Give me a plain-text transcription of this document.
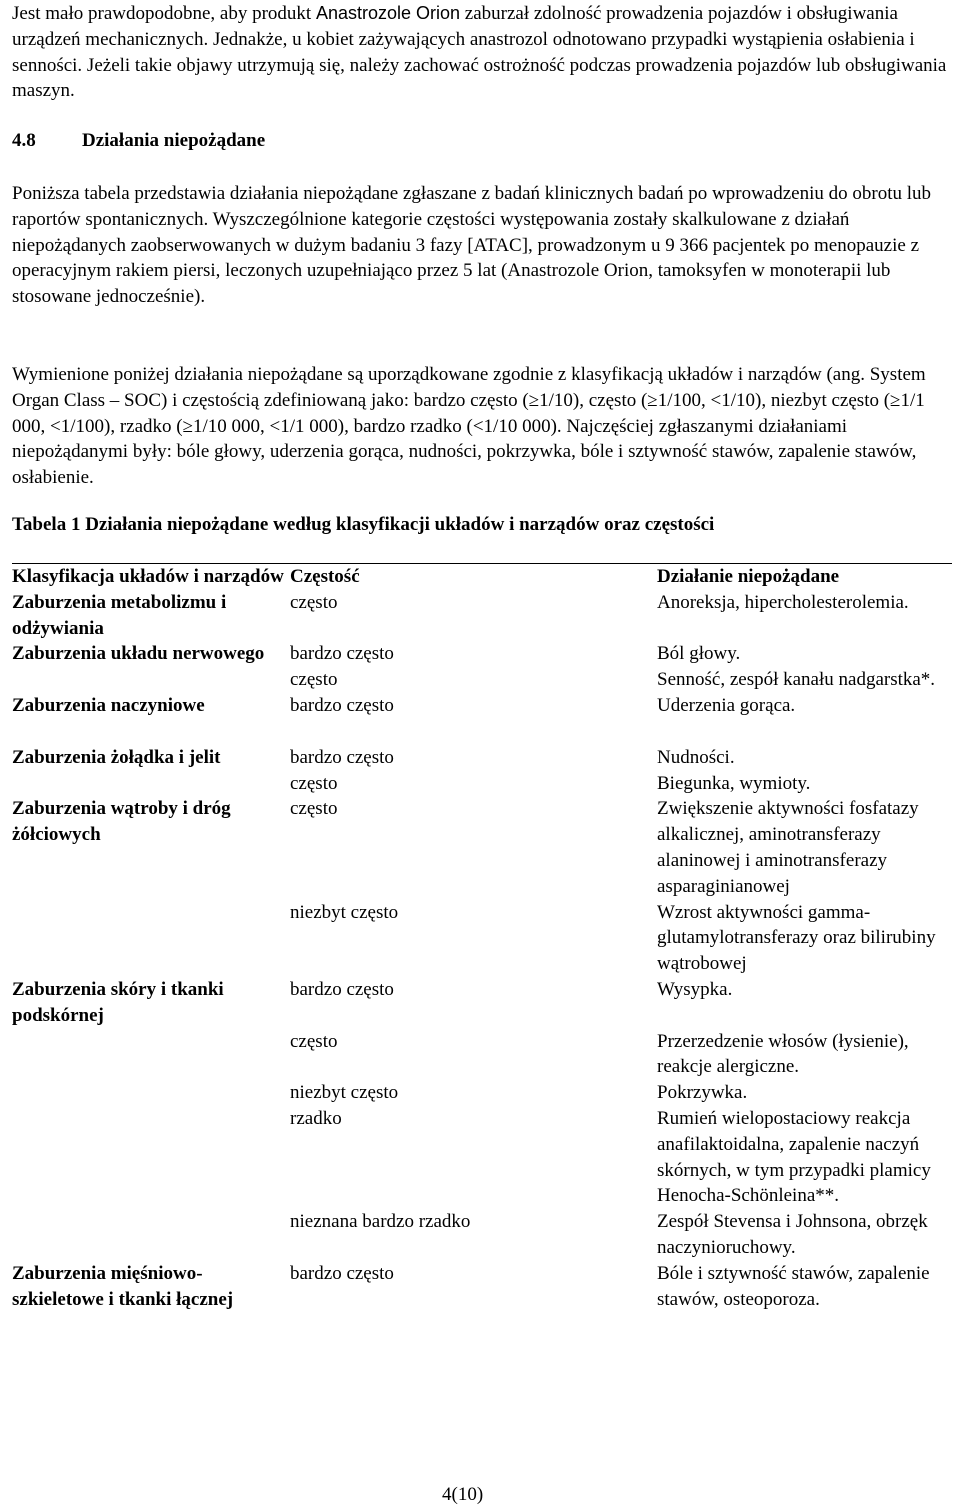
Jest mało prawdopodobne, aby produkt Anastrozole Orion zaburzał zdolność prowadzenia pojazdów i obsługiwania urządzeń mechanicznych. Jednakże, u kobiet zażywających anastrozol odnotowano przypadki wystąpienia osłabienia i senności. Jeżeli takie objawy utrzymują się, należy zachować ostrożność podczas prowadzenia pojazdów lub obsługiwania maszyn.

4.8 Działania niepożądane

Poniższa tabela przedstawia działania niepożądane zgłaszane z badań klinicznych badań po wprowadzeniu do obrotu lub raportów spontanicznych. Wyszczególnione kategorie częstości występowania zostały skalkulowane z działań niepożądanych zaobserwowanych w dużym badaniu 3 fazy [ATAC], prowadzonym u 9 366 pacjentek po menopauzie z operacyjnym rakiem piersi, leczonych uzupełniająco przez 5 lat (Anastrozole Orion, tamoksyfen w monoterapii lub stosowane jednocześnie).

Wymienione poniżej działania niepożądane są uporządkowane zgodnie z klasyfikacją układów i narządów (ang. System Organ Class – SOC) i częstością zdefiniowaną jako: bardzo często (≥1/10), często (≥1/100, <1/10), niezbyt często (≥1/1 000, <1/100), rzadko (≥1/10 000, <1/1 000), bardzo rzadko (<1/10 000). Najczęściej zgłaszanymi działaniami niepożądanymi były: bóle głowy, uderzenia gorąca, nudności, pokrzywka, bóle i sztywność stawów, zapalenie stawów, osłabienie.

Tabela 1 Działania niepożądane według klasyfikacji układów i narządów oraz częstości
Klasyfikacja układów i narządów	Częstość	Działanie niepożądane
Zaburzenia metabolizmu i odżywiania	często	Anoreksja, hipercholesterolemia.
Zaburzenia układu nerwowego	bardzo często	Ból głowy.
	często	Senność, zespół kanału nadgarstka*.
Zaburzenia naczyniowe	bardzo często	Uderzenia gorąca.

Zaburzenia żołądka i jelit	bardzo często	Nudności.
	często	Biegunka, wymioty.
Zaburzenia wątroby i dróg żółciowych	często	Zwiększenie aktywności fosfatazy alkalicznej, aminotransferazy alaninowej i aminotransferazy asparaginianowej
	niezbyt często	Wzrost aktywności gamma-glutamylotransferazy oraz bilirubiny wątrobowej
Zaburzenia skóry i tkanki podskórnej	bardzo często	Wysypka.
	często	Przerzedzenie włosów (łysienie), reakcje alergiczne.
	niezbyt często	Pokrzywka.
	rzadko	Rumień wielopostaciowy reakcja anafilaktoidalna, zapalenie naczyń skórnych, w tym przypadki plamicy Henocha-Schönleina**.
	nieznana bardzo rzadko	Zespół Stevensa i Johnsona, obrzęk naczynioruchowy.
Zaburzenia mięśniowo-szkieletowe i tkanki łącznej	bardzo często	Bóle i sztywność stawów, zapalenie stawów, osteoporoza.

4(10)
